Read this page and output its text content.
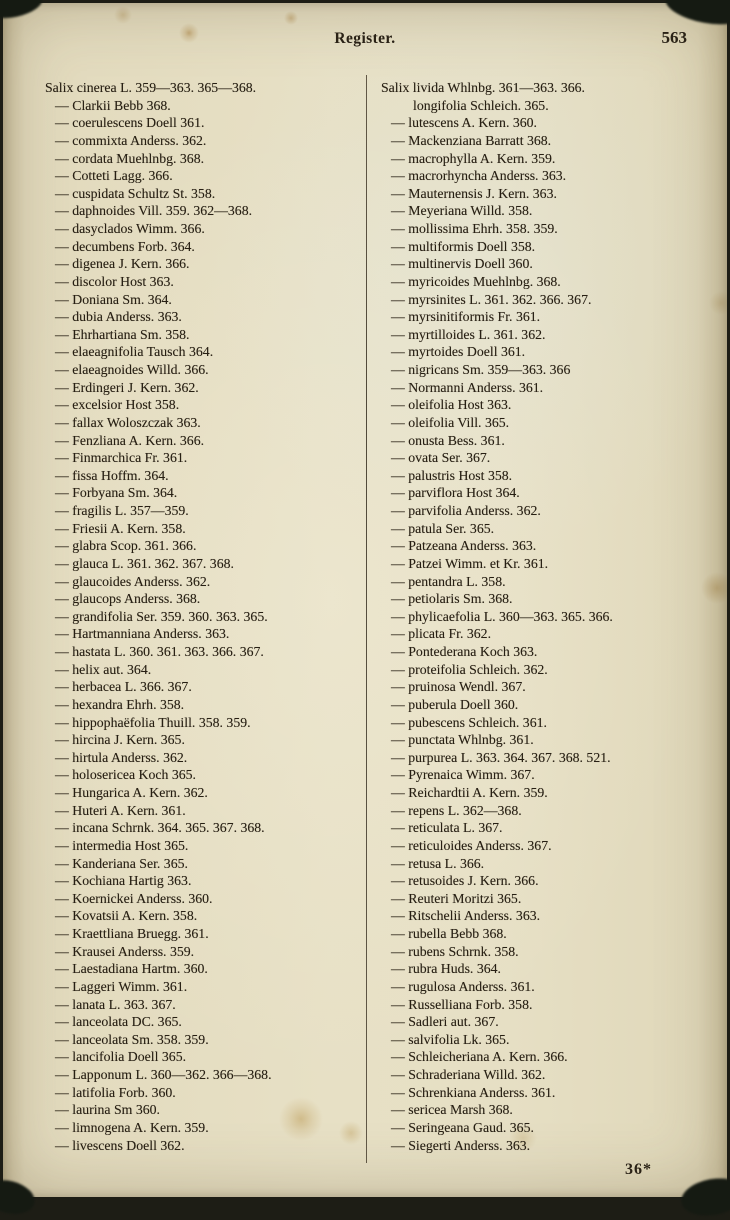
Register.	563
Salix cinerea L. 359—363. 365—368.
— Clarkii Bebb 368.
— coerulescens Doell 361.
— commixta Anderss. 362.
— cordata Muehlnbg. 368.
— Cotteti Lagg. 366.
— cuspidata Schultz St. 358.
— daphnoides Vill. 359. 362—368.
— dasyclados Wimm. 366.
— decumbens Forb. 364.
— digenea J. Kern. 366.
— discolor Host 363.
— Doniana Sm. 364.
— dubia Anderss. 363.
— Ehrhartiana Sm. 358.
— elaeagnifolia Tausch 364.
— elaeagnoides Willd. 366.
— Erdingeri J. Kern. 362.
— excelsior Host 358.
— fallax Woloszczak 363.
— Fenzliana A. Kern. 366.
— Finmarchica Fr. 361.
— fissa Hoffm. 364.
— Forbyana Sm. 364.
— fragilis L. 357—359.
— Friesii A. Kern. 358.
— glabra Scop. 361. 366.
— glauca L. 361. 362. 367. 368.
— glaucoides Anderss. 362.
— glaucops Anderss. 368.
— grandifolia Ser. 359. 360. 363. 365.
— Hartmanniana Anderss. 363.
— hastata L. 360. 361. 363. 366. 367.
— helix aut. 364.
— herbacea L. 366. 367.
— hexandra Ehrh. 358.
— hippophaëfolia Thuill. 358. 359.
— hircina J. Kern. 365.
— hirtula Anderss. 362.
— holosericea Koch 365.
— Hungarica A. Kern. 362.
— Huteri A. Kern. 361.
— incana Schrnk. 364. 365. 367. 368.
— intermedia Host 365.
— Kanderiana Ser. 365.
— Kochiana Hartig 363.
— Koernickei Anderss. 360.
— Kovatsii A. Kern. 358.
— Kraettliana Bruegg. 361.
— Krausei Anderss. 359.
— Laestadiana Hartm. 360.
— Laggeri Wimm. 361.
— lanata L. 363. 367.
— lanceolata DC. 365.
— lanceolata Sm. 358. 359.
— lancifolia Doell 365.
— Lapponum L. 360—362. 366—368.
— latifolia Forb. 360.
— laurina Sm 360.
— limnogena A. Kern. 359.
— livescens Doell 362.
Salix livida Whlnbg. 361—363. 366.
longifolia Schleich. 365.
— lutescens A. Kern. 360.
— Mackenziana Barratt 368.
— macrophylla A. Kern. 359.
— macrorhyncha Anderss. 363.
— Mauternensis J. Kern. 363.
— Meyeriana Willd. 358.
— mollissima Ehrh. 358. 359.
— multiformis Doell 358.
— multinervis Doell 360.
— myricoides Muehlnbg. 368.
— myrsinites L. 361. 362. 366. 367.
— myrsinitiformis Fr. 361.
— myrtilloides L. 361. 362.
— myrtoides Doell 361.
— nigricans Sm. 359—363. 366
— Normanni Anderss. 361.
— oleifolia Host 363.
— oleifolia Vill. 365.
— onusta Bess. 361.
— ovata Ser. 367.
— palustris Host 358.
— parviflora Host 364.
— parvifolia Anderss. 362.
— patula Ser. 365.
— Patzeana Anderss. 363.
— Patzei Wimm. et Kr. 361.
— pentandra L. 358.
— petiolaris Sm. 368.
— phylicaefolia L. 360—363. 365. 366.
— plicata Fr. 362.
— Pontederana Koch 363.
— proteifolia Schleich. 362.
— pruinosa Wendl. 367.
— puberula Doell 360.
— pubescens Schleich. 361.
— punctata Whlnbg. 361.
— purpurea L. 363. 364. 367. 368. 521.
— Pyrenaica Wimm. 367.
— Reichardtii A. Kern. 359.
— repens L. 362—368.
— reticulata L. 367.
— reticuloides Anderss. 367.
— retusa L. 366.
— retusoides J. Kern. 366.
— Reuteri Moritzi 365.
— Ritschelii Anderss. 363.
— rubella Bebb 368.
— rubens Schrnk. 358.
— rubra Huds. 364.
— rugulosa Anderss. 361.
— Russelliana Forb. 358.
— Sadleri aut. 367.
— salvifolia Lk. 365.
— Schleicheriana A. Kern. 366.
— Schraderiana Willd. 362.
— Schrenkiana Anderss. 361.
— sericea Marsh 368.
— Seringeana Gaud. 365.
— Siegerti Anderss. 363.
36*
